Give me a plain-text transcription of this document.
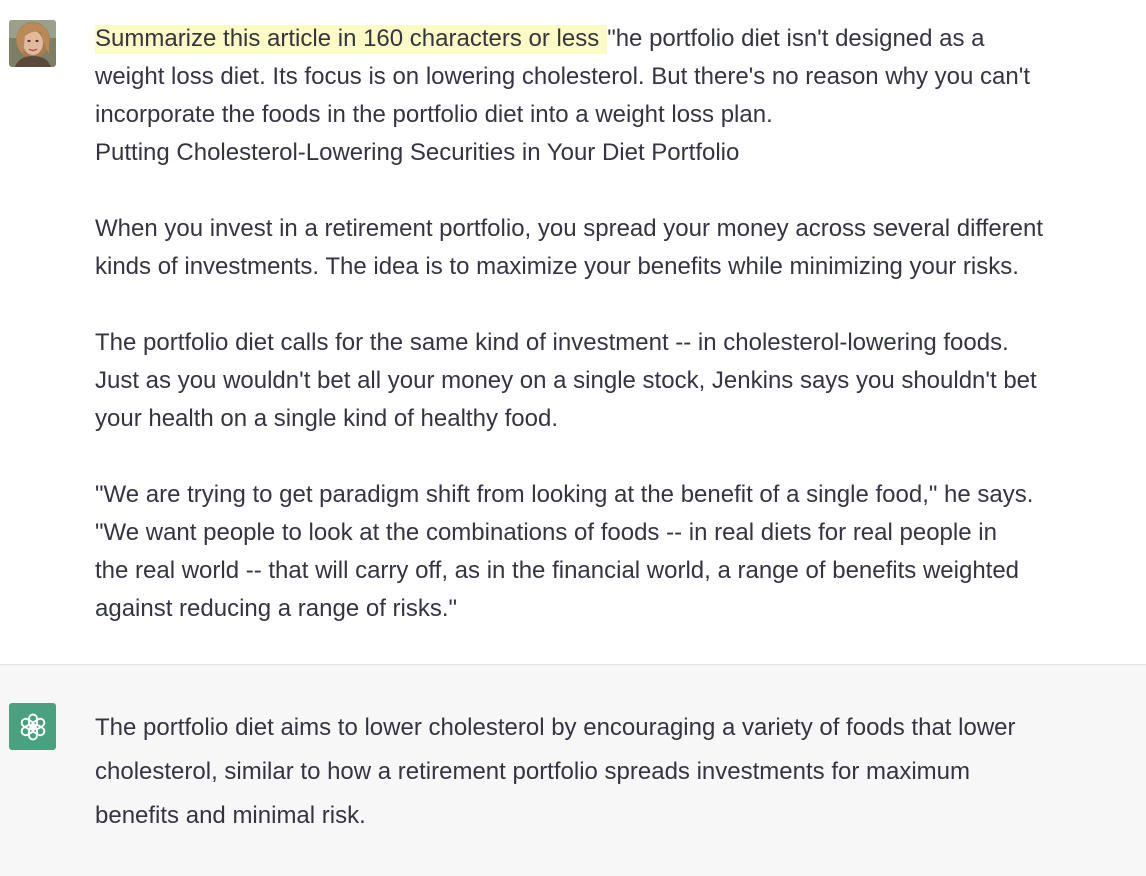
Summarize this article in 160 characters or less "he portfolio diet isn't designed as a

weight loss diet. Its focus is on lowering cholesterol. But there's no reason why you can't

incorporate the foods in the portfolio diet into a weight loss plan.

Putting Cholesterol-Lowering Securities in Your Diet Portfolio

When you invest in a retirement portfolio, you spread your money across several different

kinds of investments. The idea is to maximize your benefits while minimizing your risks.

The portfolio diet calls for the same kind of investment -- in cholesterol-lowering foods.

Just as you wouldn't bet all your money on a single stock, Jenkins says you shouldn't bet

your health on a single kind of healthy food.

"We are trying to get paradigm shift from looking at the benefit of a single food," he says.

"We want people to look at the combinations of foods -- in real diets for real people in

the real world -- that will carry off, as in the financial world, a range of benefits weighted

against reducing a range of risks."

The portfolio diet aims to lower cholesterol by encouraging a variety of foods that lower

cholesterol, similar to how a retirement portfolio spreads investments for maximum

benefits and minimal risk.
